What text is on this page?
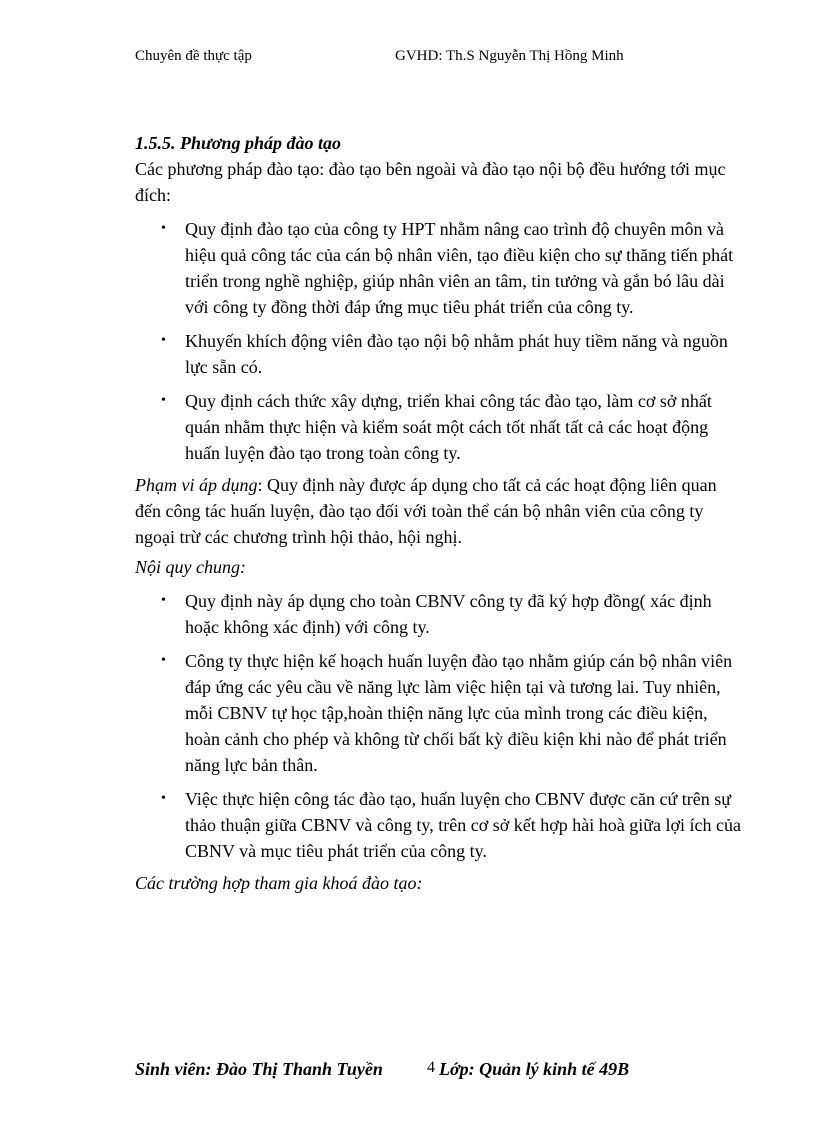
Chuyên đề thực tập	GVHD: Th.S Nguyễn Thị Hồng Minh

1.5.5. Phương pháp đào tạo

Các phương pháp đào tạo: đào tạo bên ngoài và đào tạo nội bộ đều hướng tới mục đích:

• Quy định đào tạo của công ty HPT nhằm nâng cao trình độ chuyên môn và hiệu quả công tác của cán bộ nhân viên, tạo điều kiện cho sự thăng tiến phát triển trong nghề nghiệp, giúp nhân viên an tâm, tin tưởng và gắn bó lâu dài với công ty đồng thời đáp ứng mục tiêu phát triển của công ty.
• Khuyến khích động viên đào tạo nội bộ nhằm phát huy tiềm năng và nguồn lực sẵn có.
• Quy định cách thức xây dựng, triển khai công tác đào tạo, làm cơ sở nhất quán nhằm thực hiện và kiểm soát một cách tốt nhất tất cả các hoạt động huấn luyện đào tạo trong toàn công ty.

Phạm vi áp dụng: Quy định này được áp dụng cho tất cả các hoạt động liên quan đến công tác huấn luyện, đào tạo đối với toàn thể cán bộ nhân viên của công ty ngoại trừ các chương trình hội thảo, hội nghị.

Nội quy chung:

• Quy định này áp dụng cho toàn CBNV công ty đã ký hợp đồng( xác định hoặc không xác định) với công ty.
• Công ty thực hiện kế hoạch huấn luyện đào tạo nhằm giúp cán bộ nhân viên đáp ứng các yêu cầu về năng lực làm việc hiện tại và tương lai. Tuy nhiên, mỗi CBNV tự học tập,hoàn thiện năng lực của mình trong các điều kiện, hoàn cảnh cho phép và không từ chối bất kỳ điều kiện khi nào để phát triển năng lực bản thân.
• Việc thực hiện công tác đào tạo, huấn luyện cho CBNV được căn cứ trên sự thảo thuận giữa CBNV và công ty, trên cơ sở kết hợp hài hoà giữa lợi ích của CBNV và mục tiêu phát triển của công ty.

Các trường hợp tham gia khoá đào tạo:

Sinh viên: Đào Thị Thanh Tuyền	4 Lớp: Quản lý kinh tế 49B
